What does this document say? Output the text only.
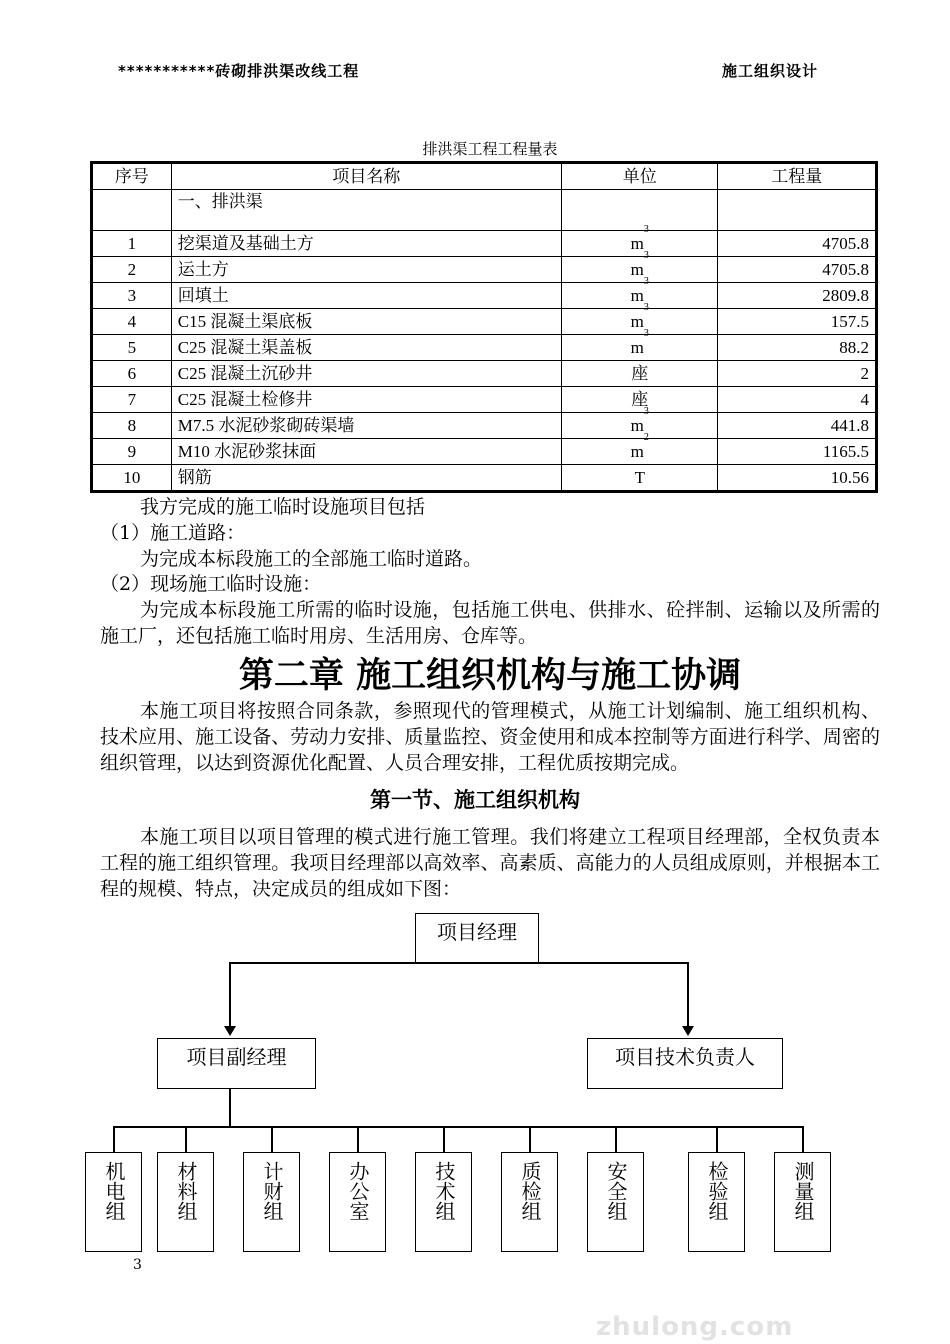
***********砖砌排洪渠改线工程	施工组织设计
排洪渠工程工程量表
序号	项目名称	单位	工程量
	一、排洪渠		
1	挖渠道及基础土方	$m^3$	4705.8
2	运土方	$m^3$	4705.8
3	回填土	$m^3$	2809.8
4	C15 混凝土渠底板	$m^3$	157.5
5	C25 混凝土渠盖板	$m^3$	88.2
6	C25 混凝土沉砂井	座	2
7	C25 混凝土检修井	座	4
8	M7.5 水泥砂浆砌砖渠墙	$m^3$	441.8
9	M10 水泥砂浆抹面	$m^2$	1165.5
10	钢筋	T	10.56
我方完成的施工临时设施项目包括
（1）施工道路：
为完成本标段施工的全部施工临时道路。
（2）现场施工临时设施：
为完成本标段施工所需的临时设施，包括施工供电、供排水、砼拌制、运输以及所需的施工厂，还包括施工临时用房、生活用房、仓库等。
第二章 施工组织机构与施工协调
本施工项目将按照合同条款，参照现代的管理模式，从施工计划编制、施工组织机构、技术应用、施工设备、劳动力安排、质量监控、资金使用和成本控制等方面进行科学、周密的组织管理，以达到资源优化配置、人员合理安排，工程优质按期完成。
第一节、施工组织机构
本施工项目以项目管理的模式进行施工管理。我们将建立工程项目经理部，全权负责本工程的施工组织管理。我项目经理部以高效率、高素质、高能力的人员组成原则，并根据本工程的规模、特点，决定成员的组成如下图：
项目经理
项目副经理	项目技术负责人
机电组 材料组	计财组	办公室	技术组	质检组	安全组	检验组	测量组
3
zhulong.com
